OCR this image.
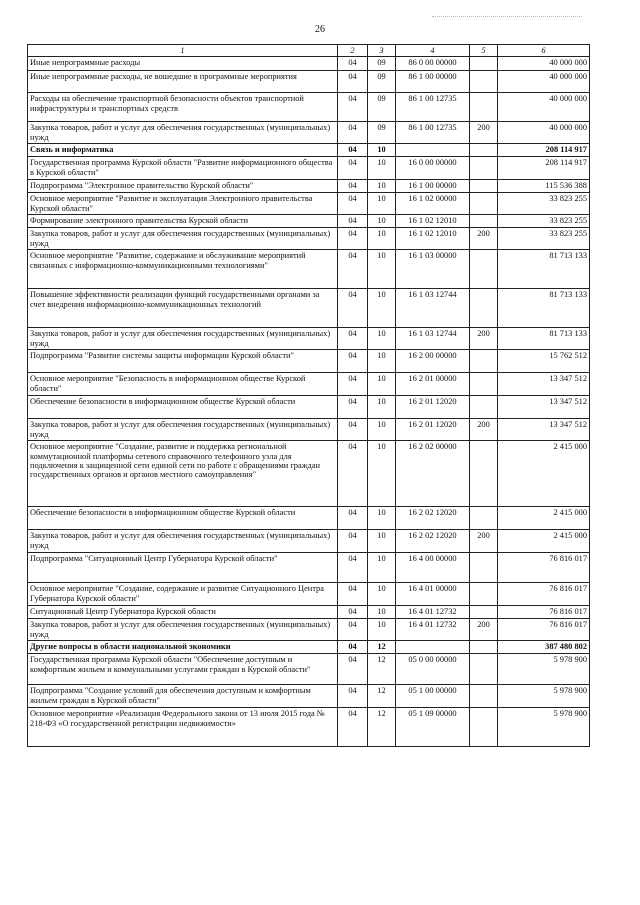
26
1	2	3	4	5	6
Иные непрограммные расходы	04	09	86 0 00 00000		40 000 000
Иные непрограммные расходы, не вошедшие в программные мероприятия	04	09	86 1 00 00000		40 000 000
Расходы на обеспечение транспортной безопасности объектов транспортной инфраструктуры и транспортных средств	04	09	86 1 00 12735		40 000 000
Закупка товаров, работ и услуг для обеспечения государственных (муниципальных) нужд	04	09	86 1 00 12735	200	40 000 000
Связь и информатика	04	10			208 114 917
Государственная программа Курской области "Развитие информационного общества в Курской области"	04	10	16 0 00 00000		208 114 917
Подпрограмма "Электронное правительство Курской области"	04	10	16 1 00 00000		115 536 388
Основное мероприятие "Развитие и эксплуатация Электронного правительства Курской области"	04	10	16 1 02 00000		33 823 255
Формирование электронного правительства Курской области	04	10	16 1 02 12010		33 823 255
Закупка товаров, работ и услуг для обеспечения государственных (муниципальных) нужд	04	10	16 1 02 12010	200	33 823 255
Основное мероприятие "Развитие, содержание и обслуживание мероприятий связанных с информационно-коммуникационными технологиями"	04	10	16 1 03 00000		81 713 133
Повышение эффективности реализации функций государственными органами за счет внедрения информационно-коммуникационных технологий	04	10	16 1 03 12744		81 713 133
Закупка товаров, работ и услуг для обеспечения государственных (муниципальных) нужд	04	10	16 1 03 12744	200	81 713 133
Подпрограмма "Развитие системы защиты информации Курской области"	04	10	16 2 00 00000		15 762 512
Основное мероприятие "Безопасность в информационном обществе Курской области"	04	10	16 2 01 00000		13 347 512
Обеспечение безопасности в информационном обществе Курской области	04	10	16 2 01 12020		13 347 512
Закупка товаров, работ и услуг для обеспечения государственных (муниципальных) нужд	04	10	16 2 01 12020	200	13 347 512
Основное мероприятие "Создание, развитие и поддержка региональной коммутационной платформы сетевого справочного телефонного узла для подключения к защищенной сети единой сети по работе с обращениями граждан государственных органов и органов местного самоуправления"	04	10	16 2 02 00000		2 415 000
Обеспечение безопасности в информационном обществе Курской области	04	10	16 2 02 12020		2 415 000
Закупка товаров, работ и услуг для обеспечения государственных (муниципальных) нужд	04	10	16 2 02 12020	200	2 415 000
Подпрограмма "Ситуационный Центр Губернатора Курской области"	04	10	16 4 00 00000		76 816 017
Основное мероприятие "Создание, содержание и развитие Ситуационного Центра Губернатора Курской области"	04	10	16 4 01 00000		76 816 017
Ситуационный Центр Губернатора Курской области	04	10	16 4 01 12732		76 816 017
Закупка товаров, работ и услуг для обеспечения государственных (муниципальных) нужд	04	10	16 4 01 12732	200	76 816 017
Другие вопросы в области национальной экономики	04	12			387 480 802
Государственная программа Курской области "Обеспечение доступным и комфортным жильем и коммунальными услугами граждан в Курской области"	04	12	05 0 00 00000		5 978 900
Подпрограмма "Создание условий для обеспечения доступным и комфортным жильем граждан в Курской области"	04	12	05 1 00 00000		5 978 900
Основное мероприятие «Реализация Федерального закона от 13 июля 2015 года № 218-ФЗ «О государственной регистрации недвижимости»	04	12	05 1 09 00000		5 978 900
